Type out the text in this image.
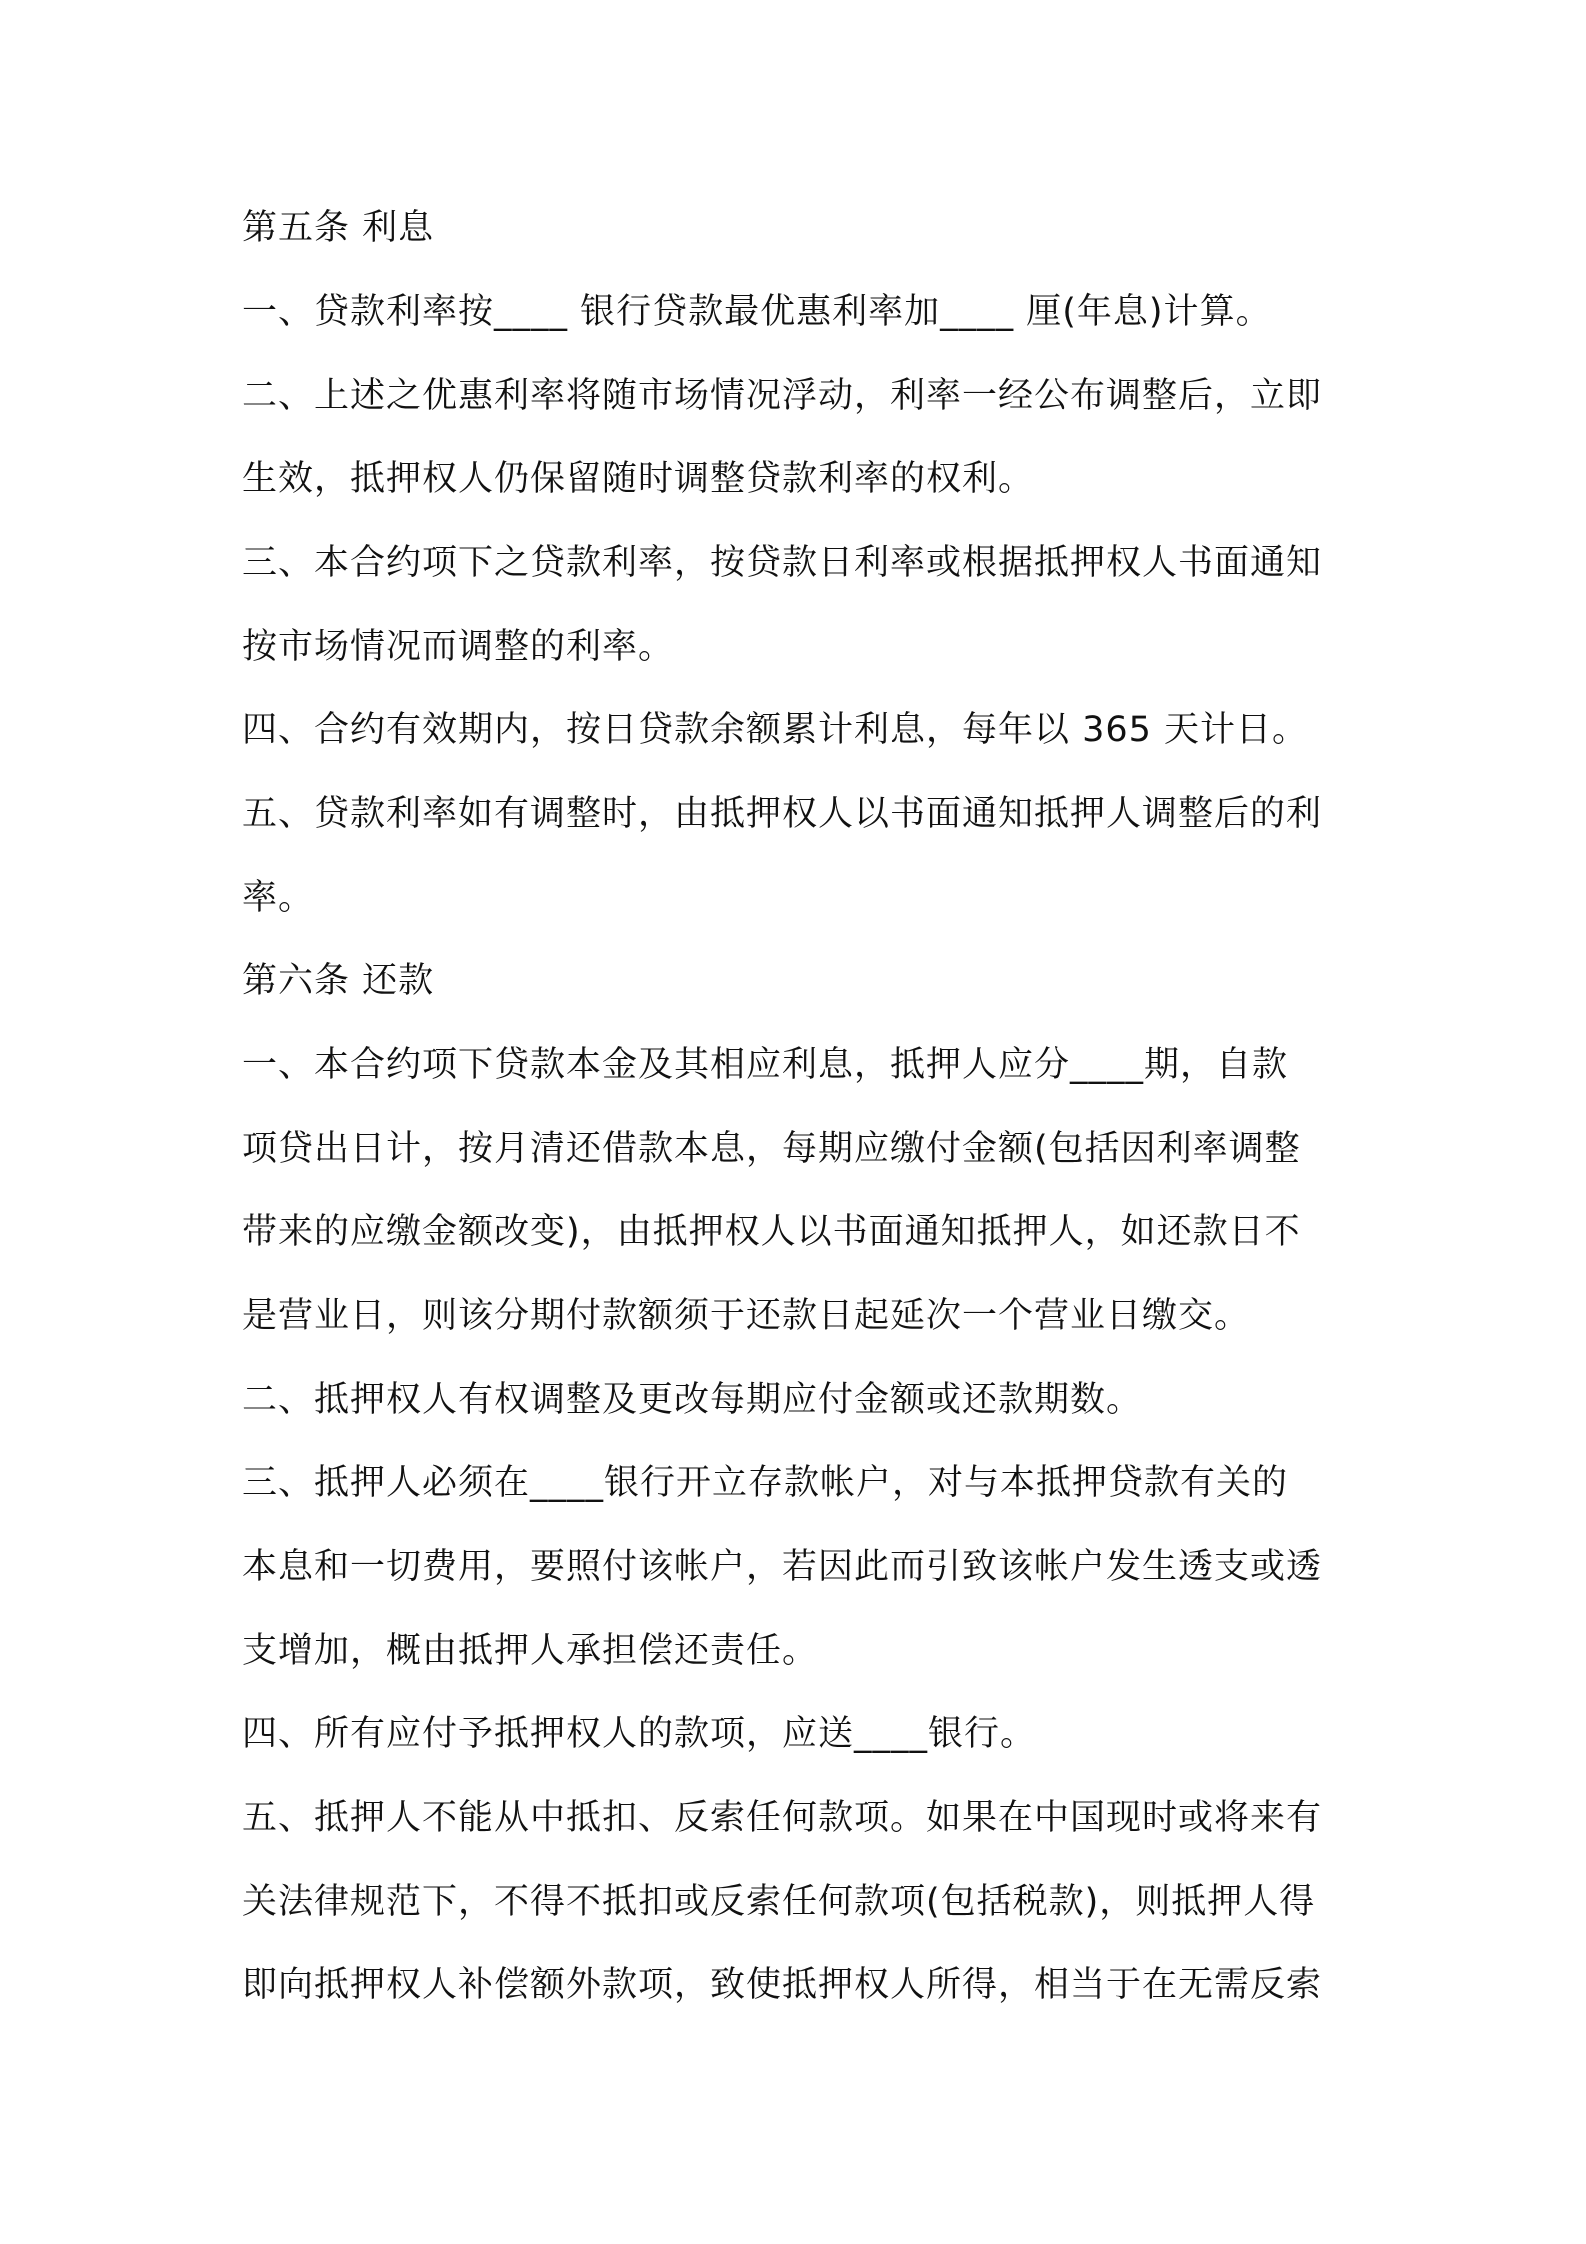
第五条 利息
一、贷款利率按____ 银行贷款最优惠利率加____ 厘(年息)计算。
二、上述之优惠利率将随市场情况浮动，利率一经公布调整后，立即
生效，抵押权人仍保留随时调整贷款利率的权利。
三、本合约项下之贷款利率，按贷款日利率或根据抵押权人书面通知
按市场情况而调整的利率。
四、合约有效期内，按日贷款余额累计利息，每年以 365 天计日。
五、贷款利率如有调整时，由抵押权人以书面通知抵押人调整后的利
率。
第六条 还款
一、本合约项下贷款本金及其相应利息，抵押人应分____期，自款
项贷出日计，按月清还借款本息，每期应缴付金额(包括因利率调整
带来的应缴金额改变)，由抵押权人以书面通知抵押人，如还款日不
是营业日，则该分期付款额须于还款日起延次一个营业日缴交。
二、抵押权人有权调整及更改每期应付金额或还款期数。
三、抵押人必须在____银行开立存款帐户，对与本抵押贷款有关的
本息和一切费用，要照付该帐户，若因此而引致该帐户发生透支或透
支增加，概由抵押人承担偿还责任。
四、所有应付予抵押权人的款项，应送____银行。
五、抵押人不能从中抵扣、反索任何款项。如果在中国现时或将来有
关法律规范下，不得不抵扣或反索任何款项(包括税款)，则抵押人得
即向抵押权人补偿额外款项，致使抵押权人所得，相当于在无需反索
